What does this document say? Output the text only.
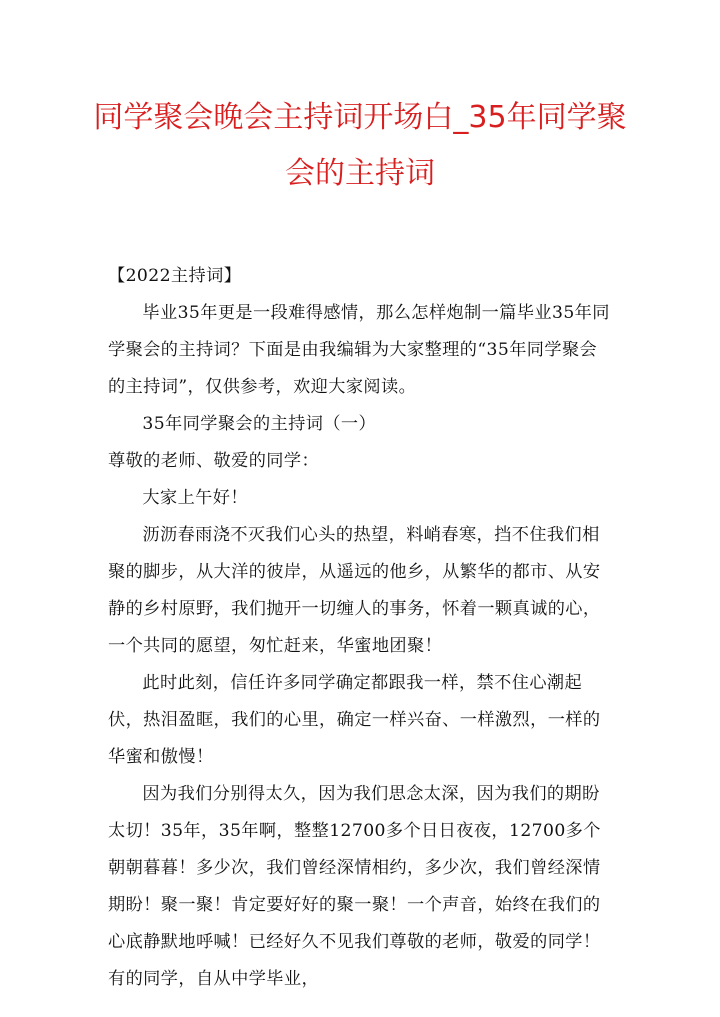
同学聚会晚会主持词开场白_35年同学聚会的主持词

【2022主持词】

毕业35年更是一段难得感情，那么怎样炮制一篇毕业35年同学聚会的主持词？下面是由我编辑为大家整理的“35年同学聚会的主持词”，仅供参考，欢迎大家阅读。

35年同学聚会的主持词（一）

尊敬的老师、敬爱的同学：

大家上午好！

沥沥春雨浇不灭我们心头的热望，料峭春寒，挡不住我们相聚的脚步，从大洋的彼岸，从遥远的他乡，从繁华的都市、从安静的乡村原野，我们抛开一切缠人的事务，怀着一颗真诚的心，一个共同的愿望，匆忙赶来，华蜜地团聚！

此时此刻，信任许多同学确定都跟我一样，禁不住心潮起伏，热泪盈眶，我们的心里，确定一样兴奋、一样激烈，一样的华蜜和傲慢！

因为我们分别得太久，因为我们思念太深，因为我们的期盼太切！35年，35年啊，整整12700多个日日夜夜，12700多个朝朝暮暮！多少次，我们曾经深情相约，多少次，我们曾经深情期盼！聚一聚！肯定要好好的聚一聚！一个声音，始终在我们的心底静默地呼喊！已经好久不见我们尊敬的老师，敬爱的同学！有的同学，自从中学毕业，
